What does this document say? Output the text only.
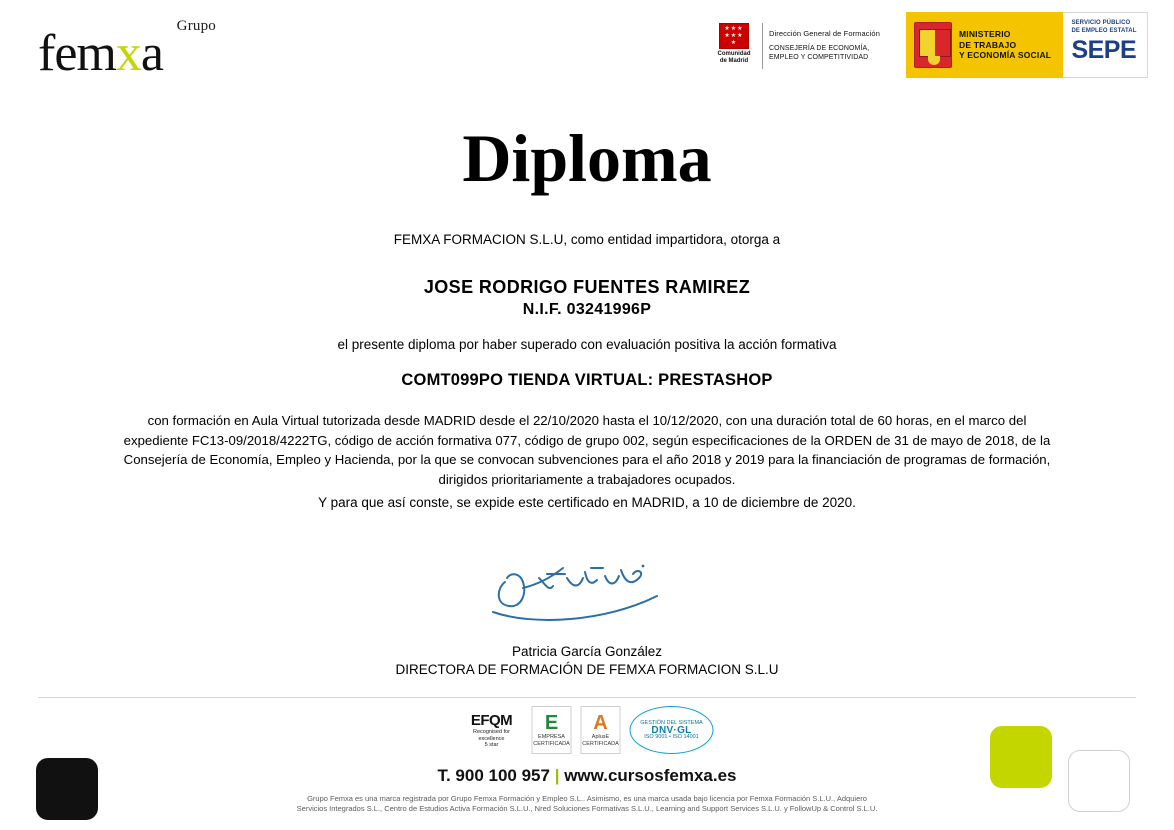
Grupo
femxa	★★★
★★★
★
Comunidad
de Madrid
Dirección General de Formación
CONSEJERÍA DE ECONOMÍA,
EMPLEO Y COMPETITIVIDAD
MINISTERIO
DE TRABAJO
Y ECONOMÍA SOCIAL
SERVICIO PÚBLICO
DE EMPLEO ESTATAL
SEPE
Diploma
FEMXA FORMACION S.L.U, como entidad impartidora, otorga a
JOSE RODRIGO FUENTES RAMIREZ
N.I.F. 03241996P
el presente diploma por haber superado con evaluación positiva la acción formativa
COMT099PO TIENDA VIRTUAL: PRESTASHOP
con formación en Aula Virtual tutorizada desde MADRID desde el 22/10/2020 hasta el 10/12/2020, con una duración total de 60 horas, en el marco del expediente FC13-09/2018/4222TG, código de acción formativa 077, código de grupo 002, según especificaciones de la ORDEN de 31 de mayo de 2018, de la Consejería de Economía, Empleo y Hacienda, por la que se convocan subvenciones para el año 2018 y 2019 para la financiación de programas de formación, dirigidos prioritariamente a trabajadores ocupados.
Y para que así conste, se expide este certificado en MADRID, a 10 de diciembre de 2020.
Patricia García González
DIRECTORA DE FORMACIÓN DE FEMXA FORMACION S.L.U
EFQM
Recognised for excellence
5 star
E
EMPRESA
CERTIFICADA
A
AplusE
CERTIFICADA
GESTIÓN DEL SISTEMA
DNV·GL
ISO 9001 • ISO 14001
T. 900 100 957 | www.cursosfemxa.es
Grupo Femxa es una marca registrada por Grupo Femxa Formación y Empleo S.L.. Asimismo, es una marca usada bajo licencia por Femxa Formación S.L.U., Adquiero
Servicios Integrados S.L., Centro de Estudios Activa Formación S.L.U., Nred Soluciones Formativas S.L.U., Learning and Support Services S.L.U. y FollowUp & Control S.L.U.
